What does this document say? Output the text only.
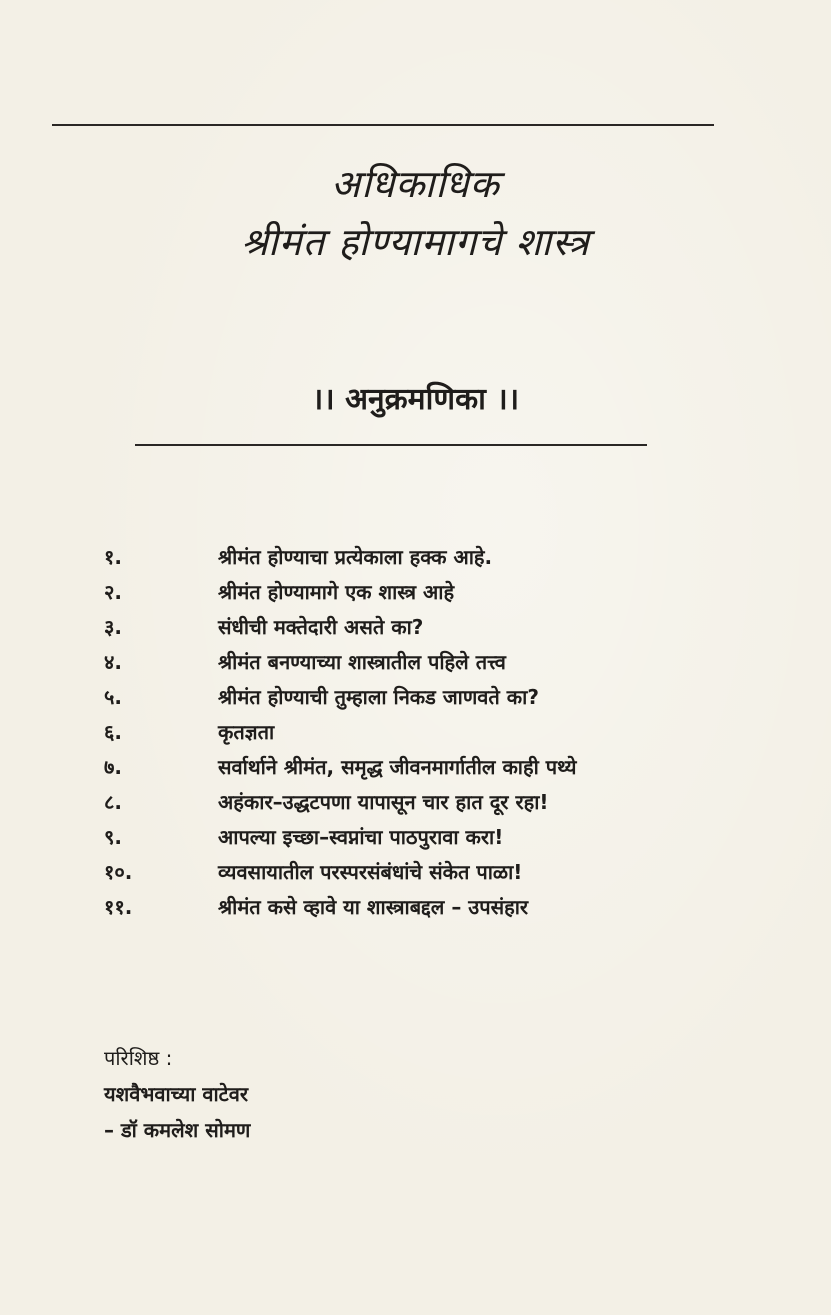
अधिकाधिक
श्रीमंत होण्यामागचे शास्त्र
।। अनुक्रमणिका ।।
१.	श्रीमंत होण्याचा प्रत्येकाला हक्क आहे.
२.	श्रीमंत होण्यामागे एक शास्त्र आहे
३.	संधीची मक्तेदारी असते का?
४.	श्रीमंत बनण्याच्या शास्त्रातील पहिले तत्त्व
५.	श्रीमंत होण्याची तुम्हाला निकड जाणवते का?
६.	कृतज्ञता
७.	सर्वार्थाने श्रीमंत, समृद्ध जीवनमार्गातील काही पथ्ये
८.	अहंकार–उद्धटपणा यापासून चार हात दूर रहा!
९.	आपल्या इच्छा–स्वप्नांचा पाठपुरावा करा!
१०.	व्यवसायातील परस्परसंबंधांचे संकेत पाळा!
११.	श्रीमंत कसे व्हावे या शास्त्राबद्दल – उपसंहार
परिशिष्ठ :
यशवैभवाच्या वाटेवर
– डॉ कमलेश सोमण
